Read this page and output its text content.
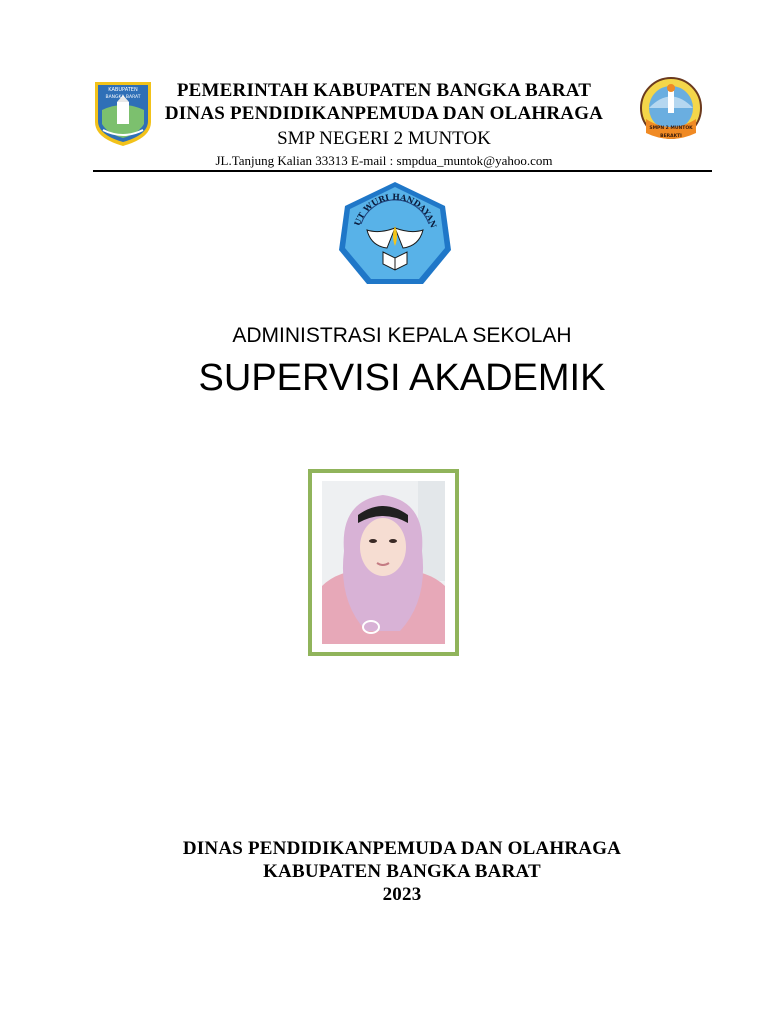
KABUPATEN
BANGKA BARAT
SMPN 2 MUNTOK
BERAKTI
PEMERINTAH KABUPATEN BANGKA BARAT
DINAS PENDIDIKANPEMUDA DAN OLAHRAGA
SMP NEGERI 2 MUNTOK
JL.Tanjung Kalian 33313 E-mail : smpdua_muntok@yahoo.com
UT WURI HANDAYAN
ADMINISTRASI KEPALA SEKOLAH
SUPERVISI AKADEMIK
DINAS PENDIDIKANPEMUDA DAN OLAHRAGA
KABUPATEN BANGKA BARAT
2023
